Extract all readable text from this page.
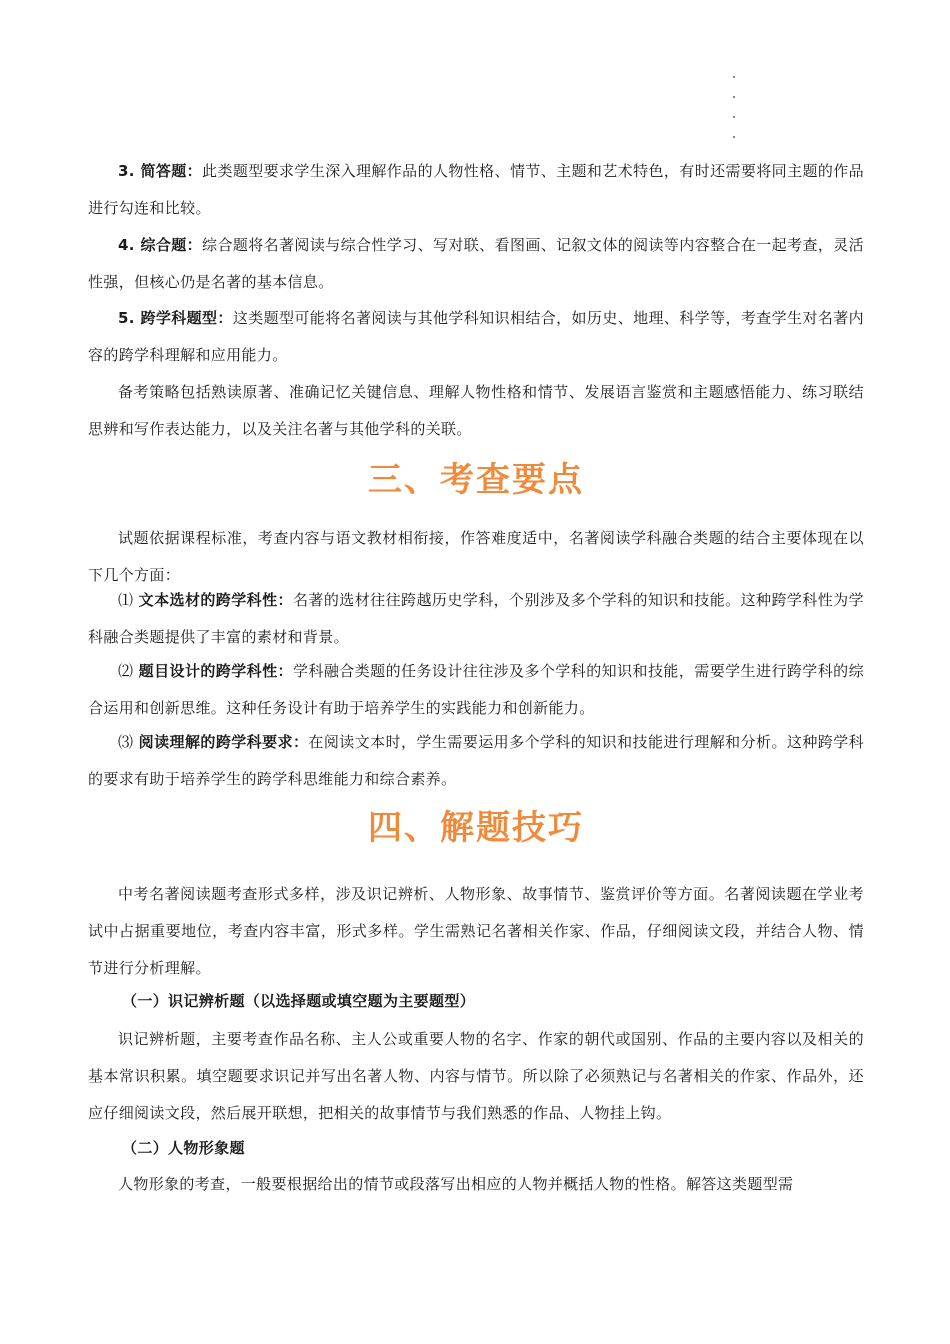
3. 简答题：此类题型要求学生深入理解作品的人物性格、情节、主题和艺术特色，有时还需要将同主题的作品进行勾连和比较。

4. 综合题：综合题将名著阅读与综合性学习、写对联、看图画、记叙文体的阅读等内容整合在一起考查，灵活性强，但核心仍是名著的基本信息。

5. 跨学科题型：这类题型可能将名著阅读与其他学科知识相结合，如历史、地理、科学等，考查学生对名著内容的跨学科理解和应用能力。

备考策略包括熟读原著、准确记忆关键信息、理解人物性格和情节、发展语言鉴赏和主题感悟能力、练习联结思辨和写作表达能力，以及关注名著与其他学科的关联。

三、考查要点

试题依据课程标准，考查内容与语文教材相衔接，作答难度适中，名著阅读学科融合类题的结合主要体现在以下几个方面：

⑴ 文本选材的跨学科性：名著的选材往往跨越历史学科，个别涉及多个学科的知识和技能。这种跨学科性为学科融合类题提供了丰富的素材和背景。

⑵ 题目设计的跨学科性：学科融合类题的任务设计往往涉及多个学科的知识和技能，需要学生进行跨学科的综合运用和创新思维。这种任务设计有助于培养学生的实践能力和创新能力。

⑶ 阅读理解的跨学科要求：在阅读文本时，学生需要运用多个学科的知识和技能进行理解和分析。这种跨学科的要求有助于培养学生的跨学科思维能力和综合素养。

四、解题技巧

中考名著阅读题考查形式多样，涉及识记辨析、人物形象、故事情节、鉴赏评价等方面。名著阅读题在学业考试中占据重要地位，考查内容丰富，形式多样。学生需熟记名著相关作家、作品，仔细阅读文段，并结合人物、情节进行分析理解。

（一）识记辨析题（以选择题或填空题为主要题型）

识记辨析题，主要考查作品名称、主人公或重要人物的名字、作家的朝代或国别、作品的主要内容以及相关的基本常识积累。填空题要求识记并写出名著人物、内容与情节。所以除了必须熟记与名著相关的作家、作品外，还应仔细阅读文段，然后展开联想，把相关的故事情节与我们熟悉的作品、人物挂上钩。

（二）人物形象题

人物形象的考查，一般要根据给出的情节或段落写出相应的人物并概括人物的性格。解答这类题型需
